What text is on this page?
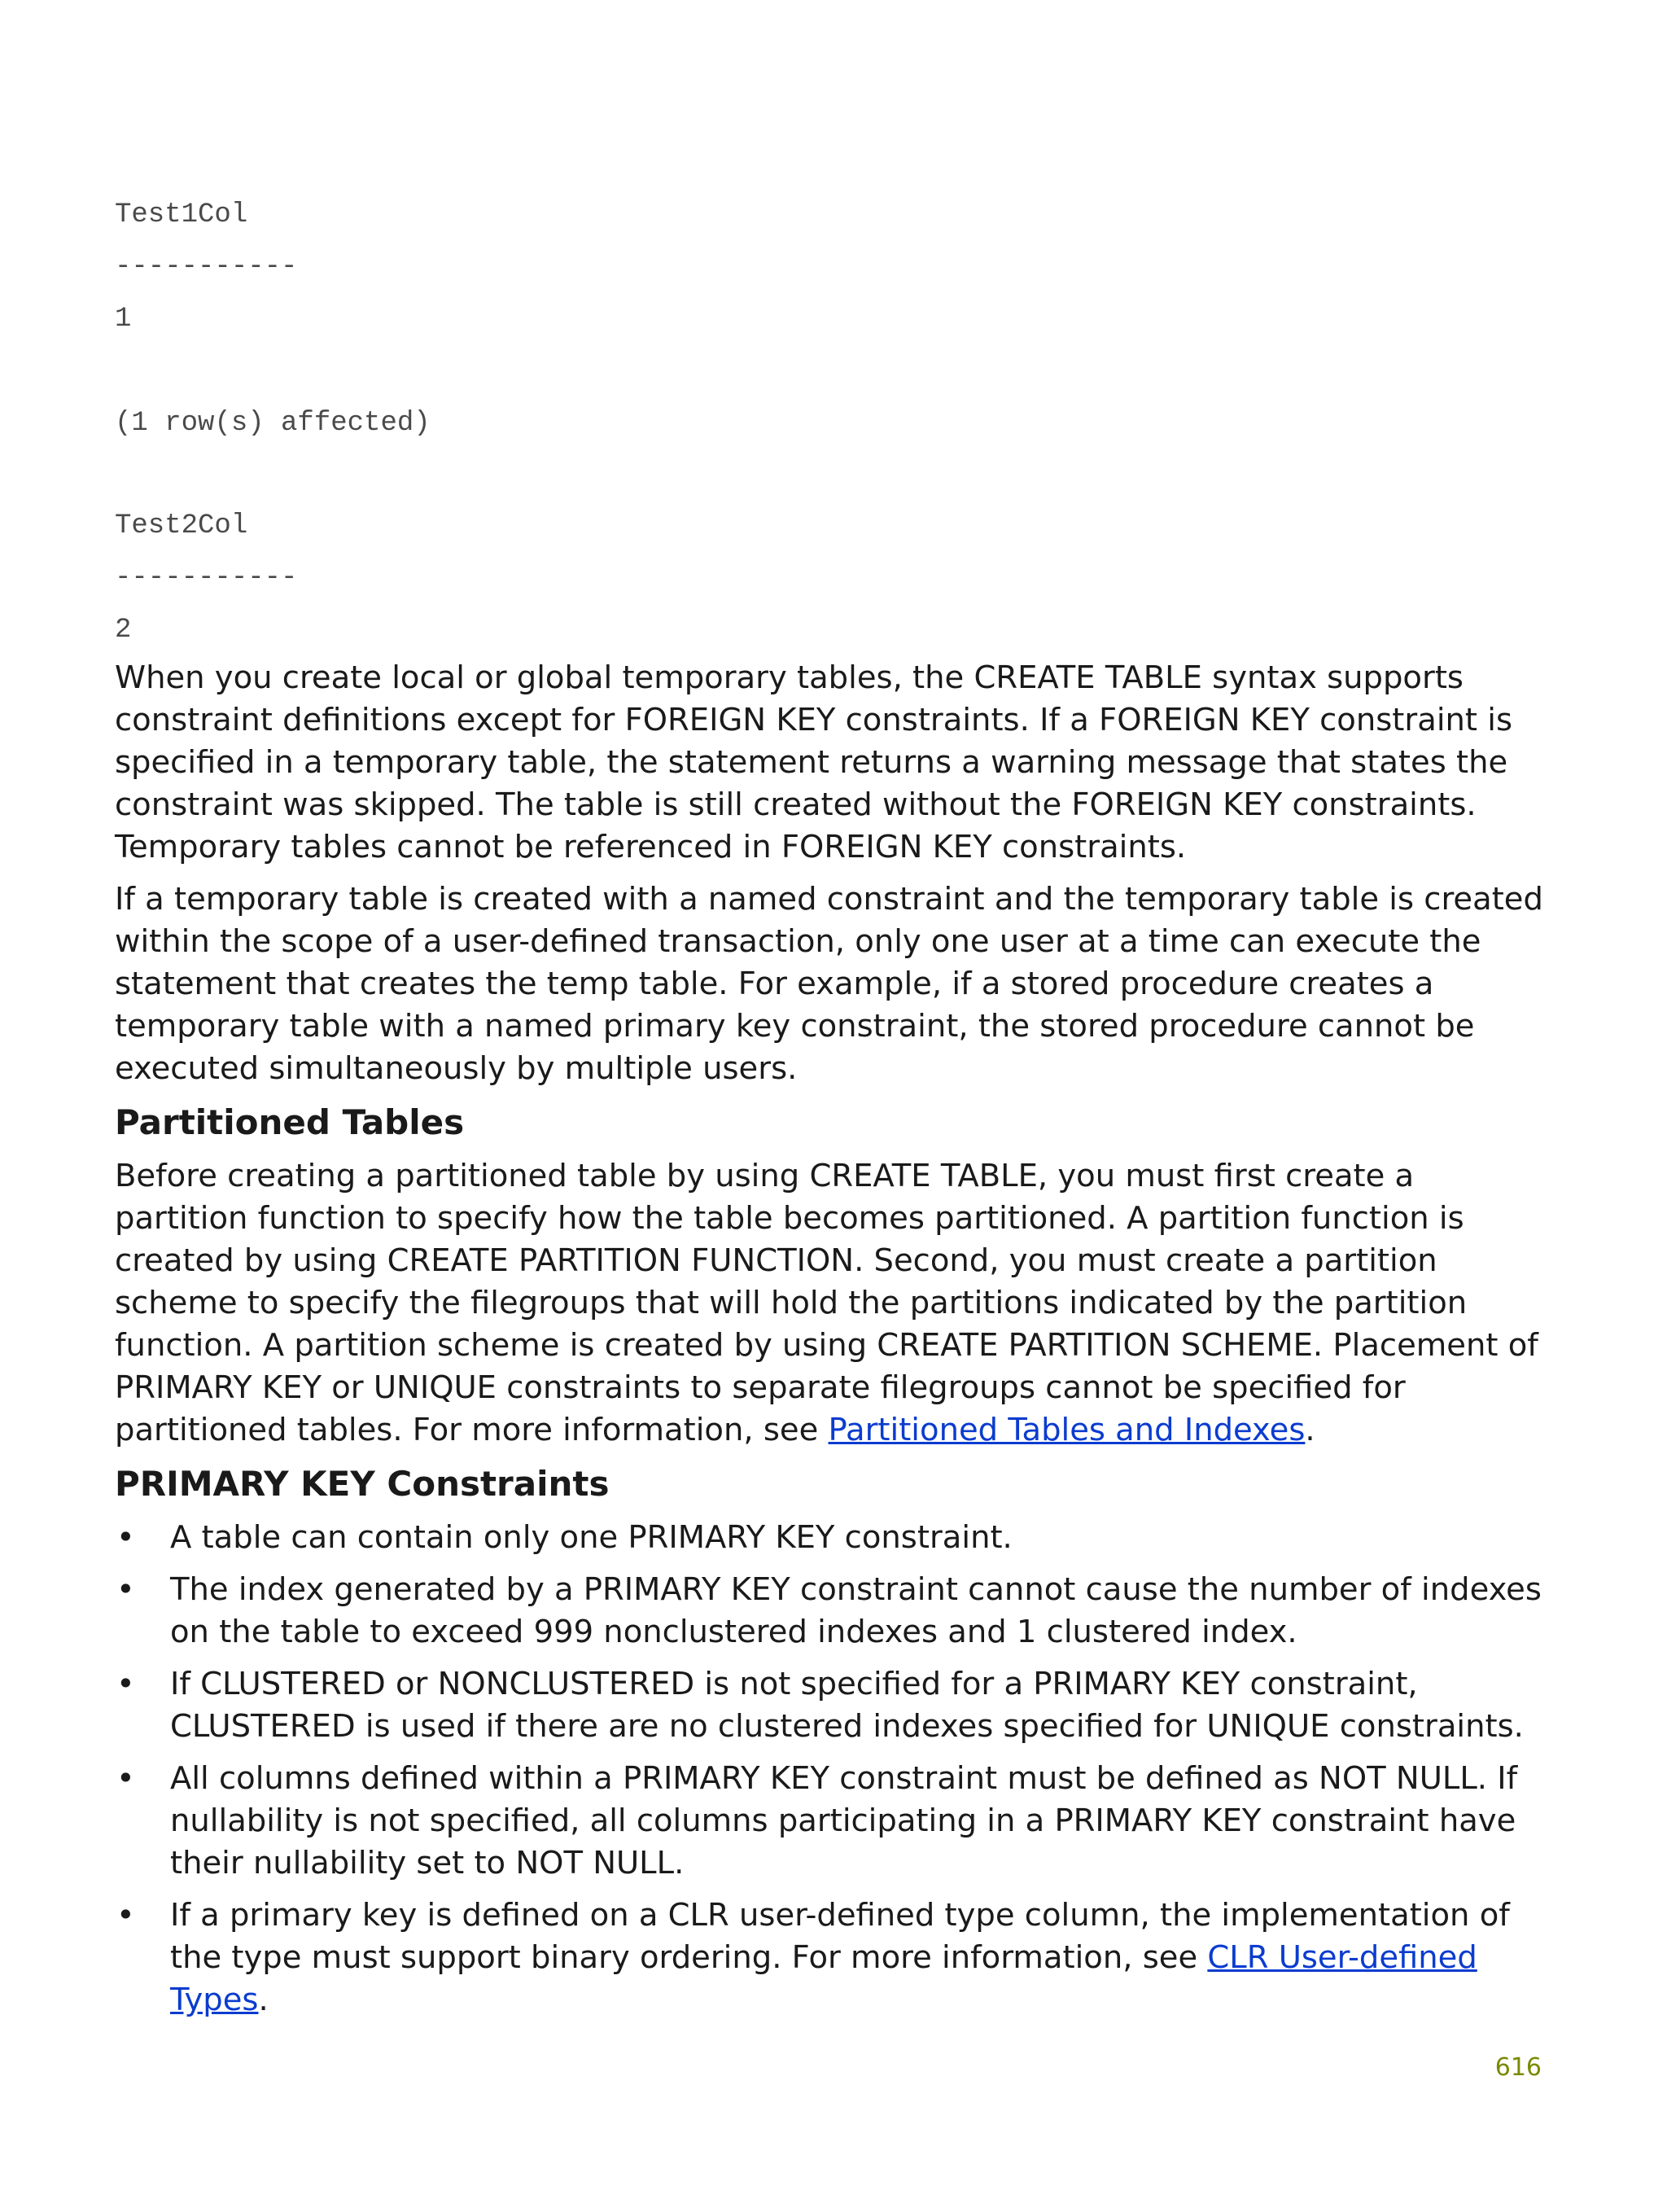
Test1Col
-----------
1
(1 row(s) affected)
Test2Col
-----------
2

When you create local or global temporary tables, the CREATE TABLE syntax supports constraint definitions except for FOREIGN KEY constraints. If a FOREIGN KEY constraint is specified in a temporary table, the statement returns a warning message that states the constraint was skipped. The table is still created without the FOREIGN KEY constraints. Temporary tables cannot be referenced in FOREIGN KEY constraints.

If a temporary table is created with a named constraint and the temporary table is created within the scope of a user-defined transaction, only one user at a time can execute the statement that creates the temp table. For example, if a stored procedure creates a temporary table with a named primary key constraint, the stored procedure cannot be executed simultaneously by multiple users.

Partitioned Tables

Before creating a partitioned table by using CREATE TABLE, you must first create a partition function to specify how the table becomes partitioned. A partition function is created by using CREATE PARTITION FUNCTION. Second, you must create a partition scheme to specify the filegroups that will hold the partitions indicated by the partition function. A partition scheme is created by using CREATE PARTITION SCHEME. Placement of PRIMARY KEY or UNIQUE constraints to separate filegroups cannot be specified for partitioned tables. For more information, see Partitioned Tables and Indexes.

PRIMARY KEY Constraints
• A table can contain only one PRIMARY KEY constraint.
• The index generated by a PRIMARY KEY constraint cannot cause the number of indexes on the table to exceed 999 nonclustered indexes and 1 clustered index.
• If CLUSTERED or NONCLUSTERED is not specified for a PRIMARY KEY constraint, CLUSTERED is used if there are no clustered indexes specified for UNIQUE constraints.
• All columns defined within a PRIMARY KEY constraint must be defined as NOT NULL. If nullability is not specified, all columns participating in a PRIMARY KEY constraint have their nullability set to NOT NULL.
• If a primary key is defined on a CLR user-defined type column, the implementation of the type must support binary ordering. For more information, see CLR User-defined Types.
616
